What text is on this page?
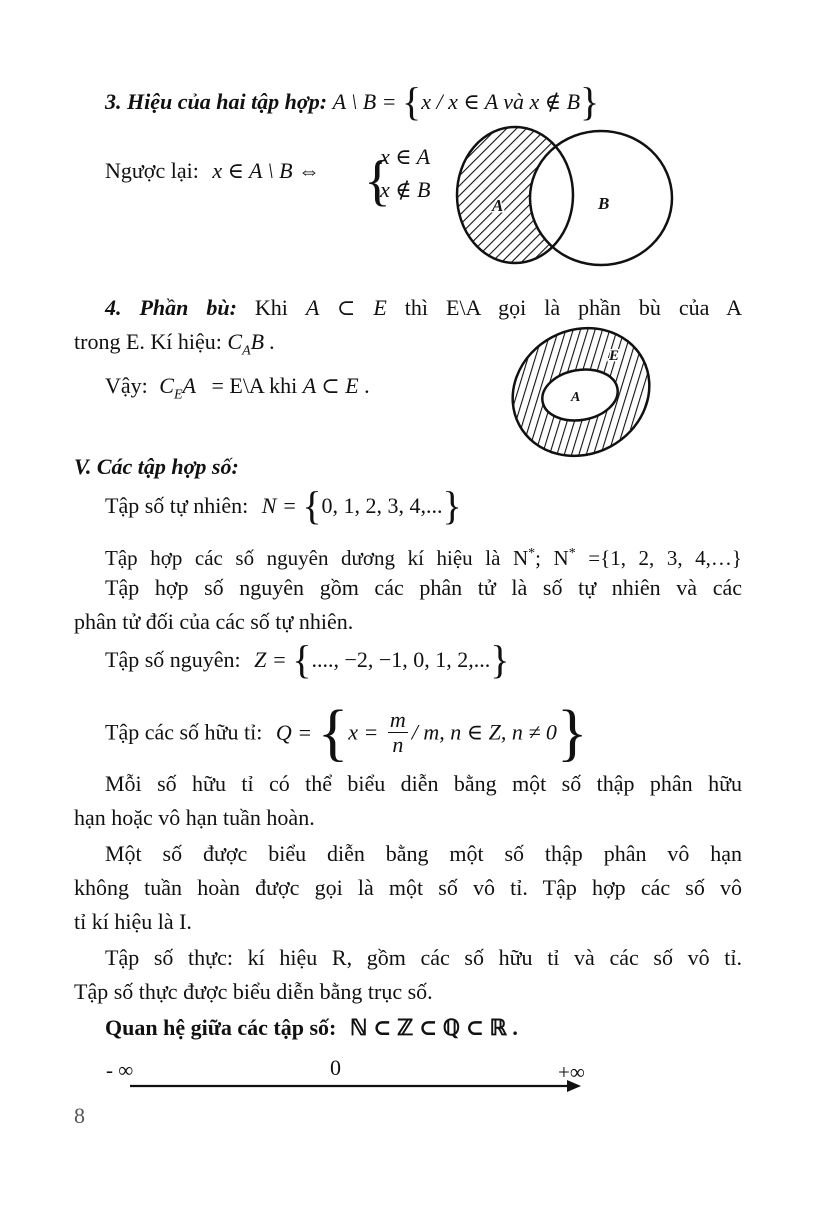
3. Hiệu của hai tập hợp: A \ B = {x / x ∈ A và x ∉ B}
Ngược lại: x ∈ A \ B ⇔ {
x ∈ A
x ∉ B
A	B
4. Phần bù: Khi A ⊂ E thì E\A gọi là phần bù của A
trong E. Kí hiệu: $C_AB$ .
Vậy: $C_EA$ = E\A khi A ⊂ E .
E
A
V. Các tập hợp số:
Tập số tự nhiên: N = {0, 1, 2, 3, 4,...}
Tập hợp các số nguyên dương kí hiệu là N*; N* ={1, 2, 3, 4,…}
Tập hợp số nguyên gồm các phân tử là số tự nhiên và các
phân tử đối của các số tự nhiên.
Tập số nguyên: Z = {...., −2, −1, 0, 1, 2,...}
Tập các số hữu tỉ: $Q = \{x = \frac{m}{n} / m$, n ∈ Z, n ≠ 0}
Mỗi số hữu tỉ có thể biểu diễn bằng một số thập phân hữu
hạn hoặc vô hạn tuần hoàn.
Một số được biểu diễn bằng một số thập phân vô hạn
không tuần hoàn được gọi là một số vô tỉ. Tập hợp các số vô
tỉ kí hiệu là I.
Tập số thực: kí hiệu R, gồm các số hữu tỉ và các số vô tỉ.
Tập số thực được biểu diễn bằng trục số.
Quan hệ giữa các tập số: ℕ ⊂ ℤ ⊂ ℚ ⊂ ℝ .
- ∞	0	+∞
8
